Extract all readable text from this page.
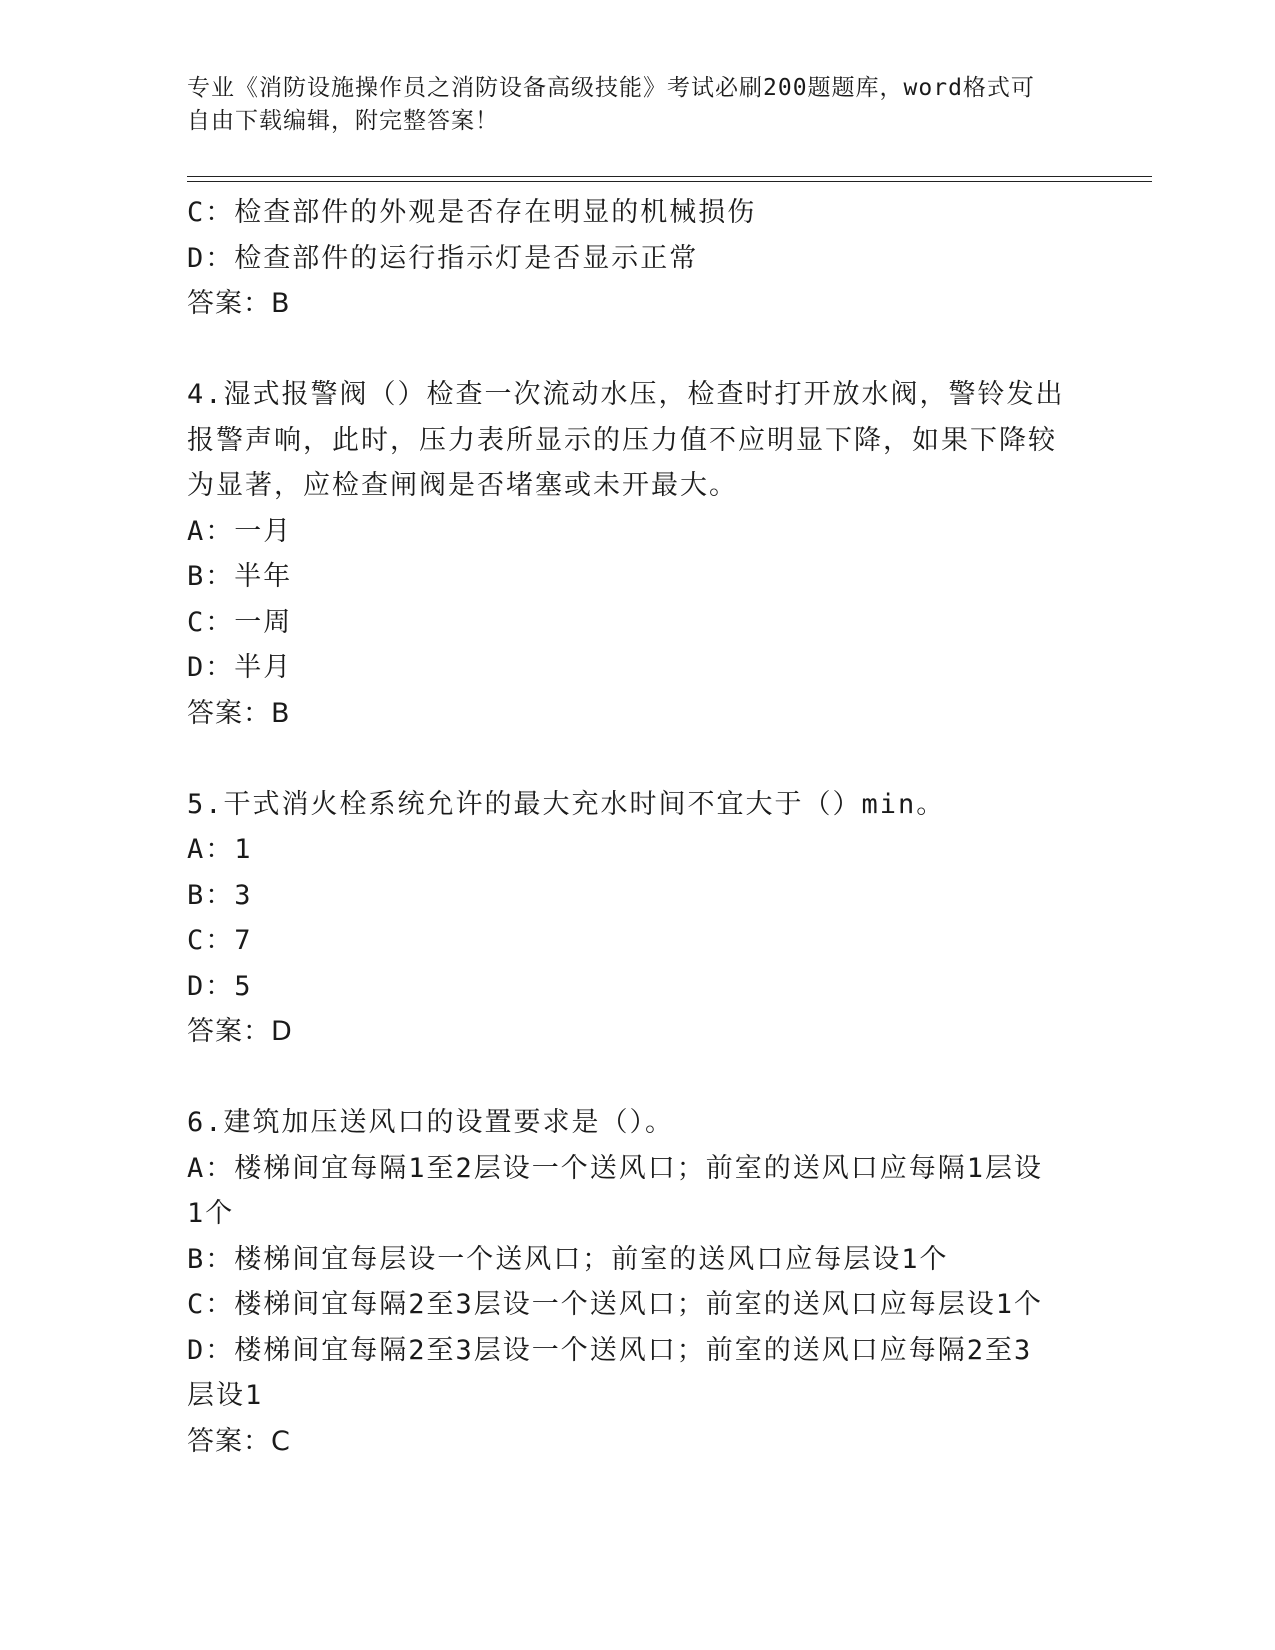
专业《消防设施操作员之消防设备高级技能》考试必刷200题题库，word格式可
自由下载编辑，附完整答案！
C：检查部件的外观是否存在明显的机械损伤
D：检查部件的运行指示灯是否显示正常
答案：B
4.湿式报警阀（）检查一次流动水压，检查时打开放水阀，警铃发出
报警声响，此时，压力表所显示的压力值不应明显下降，如果下降较
为显著，应检查闸阀是否堵塞或未开最大。
A：一月
B：半年
C：一周
D：半月
答案：B
5.干式消火栓系统允许的最大充水时间不宜大于（）min。
A：1
B：3
C：7
D：5
答案：D
6.建筑加压送风口的设置要求是（）。
A：楼梯间宜每隔1至2层设一个送风口；前室的送风口应每隔1层设
1个
B：楼梯间宜每层设一个送风口；前室的送风口应每层设1个
C：楼梯间宜每隔2至3层设一个送风口；前室的送风口应每层设1个
D：楼梯间宜每隔2至3层设一个送风口；前室的送风口应每隔2至3
层设1
答案：C
